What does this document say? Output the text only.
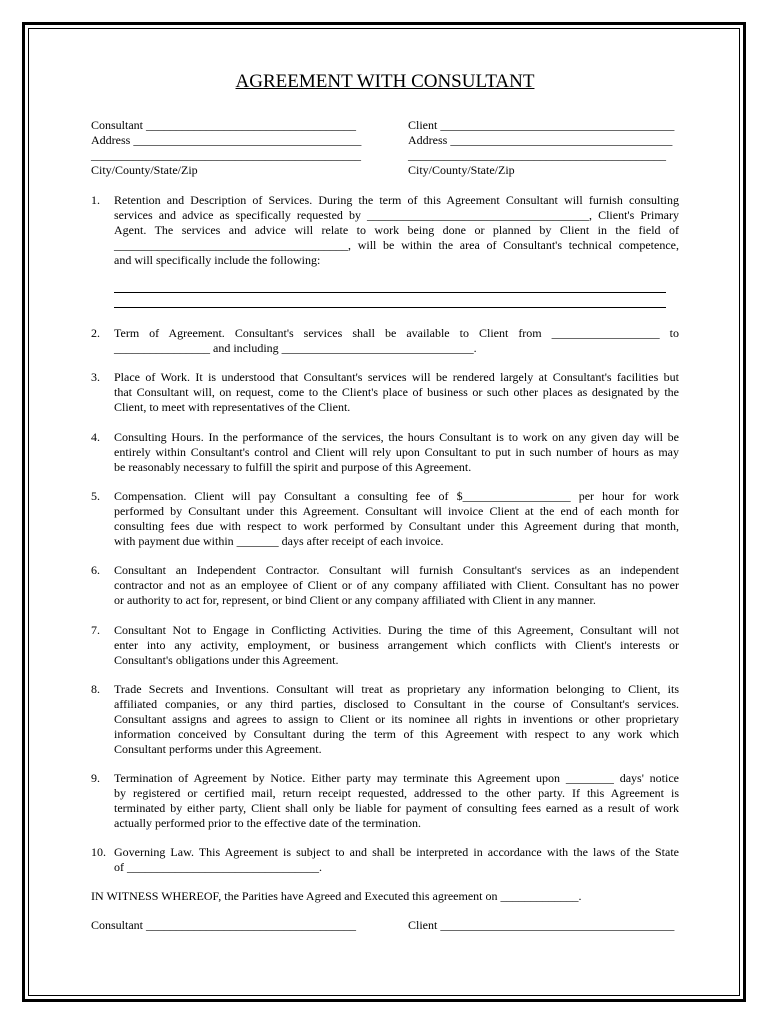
AGREEMENT WITH CONSULTANT
Consultant ___________________________________
Address ______________________________________
_____________________________________________
City/County/State/Zip
Client _______________________________________
Address _____________________________________
___________________________________________
City/County/State/Zip
1. Retention and Description of Services. During the term of this Agreement Consultant will furnish consulting
services and advice as specifically requested by _____________________________________, Client's Primary
Agent. The services and advice will relate to work being done or planned by Client in the field of
_______________________________________, will be within the area of Consultant's technical competence,
and will specifically include the following:
2. Term of Agreement. Consultant's services shall be available to Client from __________________ to
________________ and including ________________________________.
3. Place of Work. It is understood that Consultant's services will be rendered largely at Consultant's facilities but
that Consultant will, on request, come to the Client's place of business or such other places as designated by the
Client, to meet with representatives of the Client.
4. Consulting Hours. In the performance of the services, the hours Consultant is to work on any given day will be
entirely within Consultant's control and Client will rely upon Consultant to put in such number of hours as may
be reasonably necessary to fulfill the spirit and purpose of this Agreement.
5. Compensation. Client will pay Consultant a consulting fee of $__________________ per hour for work
performed by Consultant under this Agreement. Consultant will invoice Client at the end of each month for
consulting fees due with respect to work performed by Consultant under this Agreement during that month,
with payment due within _______ days after receipt of each invoice.
6. Consultant an Independent Contractor. Consultant will furnish Consultant's services as an independent
contractor and not as an employee of Client or of any company affiliated with Client. Consultant has no power
or authority to act for, represent, or bind Client or any company affiliated with Client in any manner.
7. Consultant Not to Engage in Conflicting Activities. During the time of this Agreement, Consultant will not
enter into any activity, employment, or business arrangement which conflicts with Client's interests or
Consultant's obligations under this Agreement.
8. Trade Secrets and Inventions. Consultant will treat as proprietary any information belonging to Client, its
affiliated companies, or any third parties, disclosed to Consultant in the course of Consultant's services.
Consultant assigns and agrees to assign to Client or its nominee all rights in inventions or other proprietary
information conceived by Consultant during the term of this Agreement with respect to any work which
Consultant performs under this Agreement.
9. Termination of Agreement by Notice. Either party may terminate this Agreement upon ________ days' notice
by registered or certified mail, return receipt requested, addressed to the other party. If this Agreement is
terminated by either party, Client shall only be liable for payment of consulting fees earned as a result of work
actually performed prior to the effective date of the termination.
10. Governing Law. This Agreement is subject to and shall be interpreted in accordance with the laws of the State
of ________________________________.
IN WITNESS WHEREOF, the Parities have Agreed and Executed this agreement on _____________.
Consultant ___________________________________	Client _______________________________________
